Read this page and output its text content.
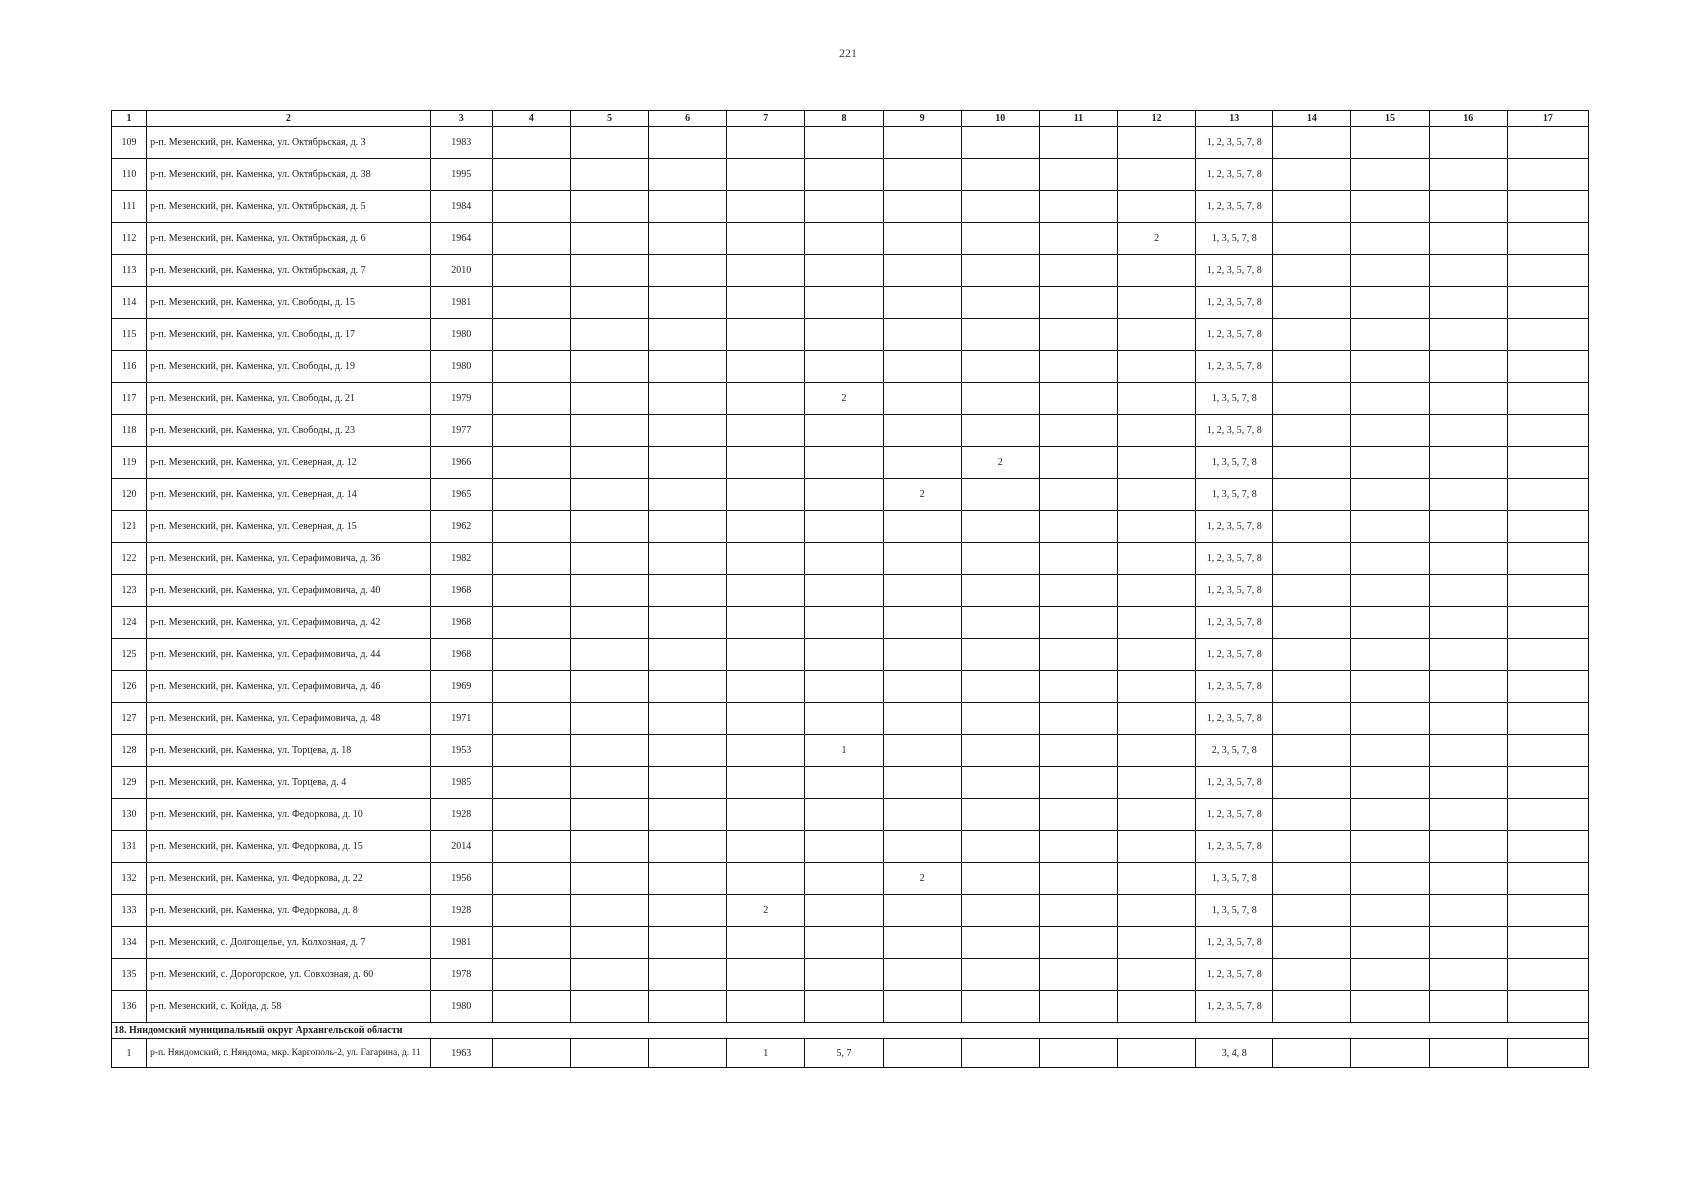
221
1	2	3	4	5	6	7	8	9	10	11	12	13	14	15	16	17
109	р-п. Мезенский, рн. Каменка, ул. Октябрьская, д. 3	1983										1, 2, 3, 5, 7, 8				
110	р-п. Мезенский, рн. Каменка, ул. Октябрьская, д. 38	1995										1, 2, 3, 5, 7, 8				
111	р-п. Мезенский, рн. Каменка, ул. Октябрьская, д. 5	1984										1, 2, 3, 5, 7, 8				
112	р-п. Мезенский, рн. Каменка, ул. Октябрьская, д. 6	1964									2	1, 3, 5, 7, 8				
113	р-п. Мезенский, рн. Каменка, ул. Октябрьская, д. 7	2010										1, 2, 3, 5, 7, 8				
114	р-п. Мезенский, рн. Каменка, ул. Свободы, д. 15	1981										1, 2, 3, 5, 7, 8				
115	р-п. Мезенский, рн. Каменка, ул. Свободы, д. 17	1980										1, 2, 3, 5, 7, 8				
116	р-п. Мезенский, рн. Каменка, ул. Свободы, д. 19	1980										1, 2, 3, 5, 7, 8				
117	р-п. Мезенский, рн. Каменка, ул. Свободы, д. 21	1979					2					1, 3, 5, 7, 8				
118	р-п. Мезенский, рн. Каменка, ул. Свободы, д. 23	1977										1, 2, 3, 5, 7, 8				
119	р-п. Мезенский, рн. Каменка, ул. Северная, д. 12	1966							2			1, 3, 5, 7, 8				
120	р-п. Мезенский, рн. Каменка, ул. Северная, д. 14	1965						2				1, 3, 5, 7, 8				
121	р-п. Мезенский, рн. Каменка, ул. Северная, д. 15	1962										1, 2, 3, 5, 7, 8				
122	р-п. Мезенский, рн. Каменка, ул. Серафимовича, д. 36	1982										1, 2, 3, 5, 7, 8				
123	р-п. Мезенский, рн. Каменка, ул. Серафимовича, д. 40	1968										1, 2, 3, 5, 7, 8				
124	р-п. Мезенский, рн. Каменка, ул. Серафимовича, д. 42	1968										1, 2, 3, 5, 7, 8				
125	р-п. Мезенский, рн. Каменка, ул. Серафимовича, д. 44	1968										1, 2, 3, 5, 7, 8				
126	р-п. Мезенский, рн. Каменка, ул. Серафимовича, д. 46	1969										1, 2, 3, 5, 7, 8				
127	р-п. Мезенский, рн. Каменка, ул. Серафимовича, д. 48	1971										1, 2, 3, 5, 7, 8				
128	р-п. Мезенский, рн. Каменка, ул. Торцева, д. 18	1953					1					2, 3, 5, 7, 8				
129	р-п. Мезенский, рн. Каменка, ул. Торцева, д. 4	1985										1, 2, 3, 5, 7, 8				
130	р-п. Мезенский, рн. Каменка, ул. Федоркова, д. 10	1928										1, 2, 3, 5, 7, 8				
131	р-п. Мезенский, рн. Каменка, ул. Федоркова, д. 15	2014										1, 2, 3, 5, 7, 8				
132	р-п. Мезенский, рн. Каменка, ул. Федоркова, д. 22	1956						2				1, 3, 5, 7, 8				
133	р-п. Мезенский, рн. Каменка, ул. Федоркова, д. 8	1928				2						1, 3, 5, 7, 8				
134	р-п. Мезенский, с. Долгощелье, ул. Колхозная, д. 7	1981										1, 2, 3, 5, 7, 8				
135	р-п. Мезенский, с. Дорогорское, ул. Совхозная, д. 60	1978										1, 2, 3, 5, 7, 8				
136	р-п. Мезенский, с. Койда, д. 58	1980										1, 2, 3, 5, 7, 8				
18. Няндомский муниципальный округ Архангельской области																
1	р-п. Няндомский, г. Няндома, мкр. Каргополь-2, ул. Гагарина, д. 11	1963				1	5, 7					3, 4, 8				
